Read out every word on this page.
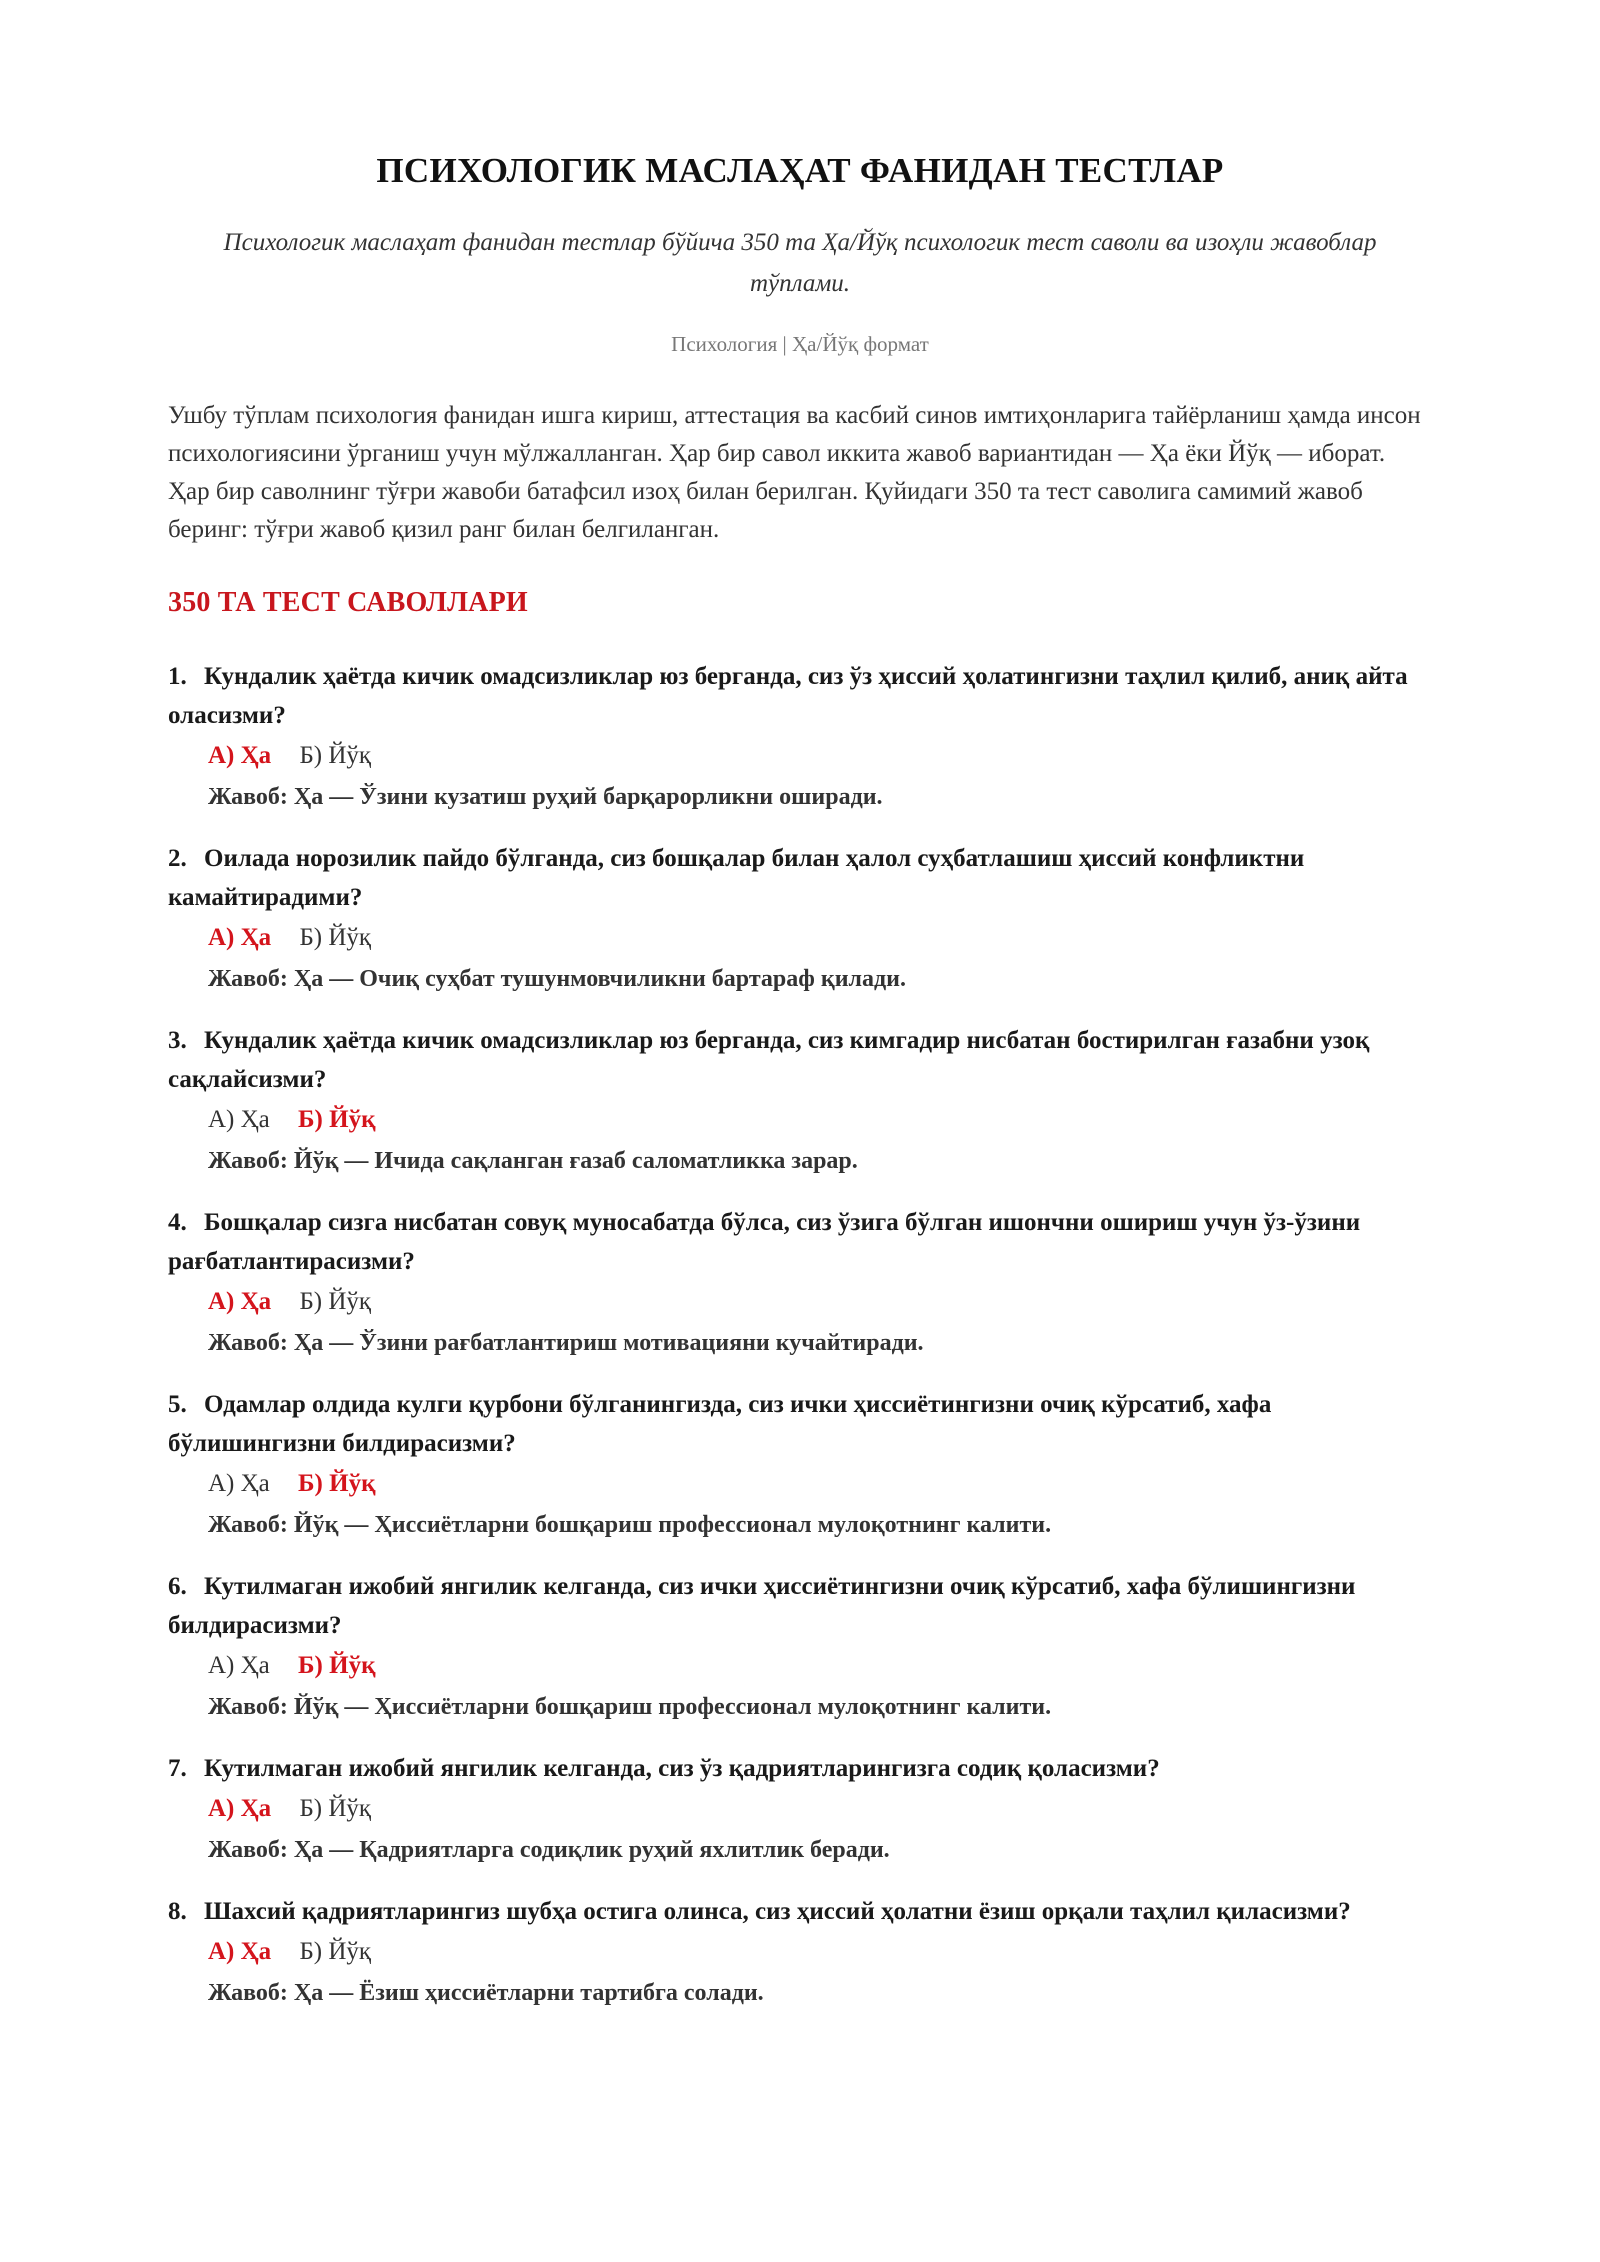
ПСИХОЛОГИК МАСЛАҲАТ ФАНИДАН ТЕСТЛАР
Психологик маслаҳат фанидан тестлар бўйича 350 та Ҳа/Йўқ психологик тест саволи ва изоҳли жавоблар тўплами.
Психология | Ҳа/Йўқ формат

Ушбу тўплам психология фанидан ишга кириш, аттестация ва касбий синов имтиҳонларига тайёрланиш ҳамда инсон психологиясини ўрганиш учун мўлжалланган. Ҳар бир савол иккита жавоб вариантидан — Ҳа ёки Йўқ — иборат. Ҳар бир саволнинг тўғри жавоби батафсил изоҳ билан берилган. Қуйидаги 350 та тест саволига самимий жавоб беринг: тўғри жавоб қизил ранг билан белгиланган.

350 ТА ТЕСТ САВОЛЛАРИ

1. Кундалик ҳаётда кичик омадсизликлар юз берганда, сиз ўз ҳиссий ҳолатингизни таҳлил қилиб, аниқ айта оласизми?

А) Ҳа Б) Йўқ
Жавоб: Ҳа — Ўзини кузатиш руҳий барқарорликни оширади.

2. Оилада норозилик пайдо бўлганда, сиз бошқалар билан ҳалол суҳбатлашиш ҳиссий конфликтни камайтирадими?

А) Ҳа Б) Йўқ
Жавоб: Ҳа — Очиқ суҳбат тушунмовчиликни бартараф қилади.

3. Кундалик ҳаётда кичик омадсизликлар юз берганда, сиз кимгадир нисбатан бостирилган ғазабни узоқ сақлайсизми?

А) Ҳа Б) Йўқ
Жавоб: Йўқ — Ичида сақланган ғазаб саломатликка зарар.

4. Бошқалар сизга нисбатан совуқ муносабатда бўлса, сиз ўзига бўлган ишончни ошириш учун ўз-ўзини рағбатлантирасизми?

А) Ҳа Б) Йўқ
Жавоб: Ҳа — Ўзини рағбатлантириш мотивацияни кучайтиради.

5. Одамлар олдида кулги қурбони бўлганингизда, сиз ички ҳиссиётингизни очиқ кўрсатиб, хафа бўлишингизни билдирасизми?

А) Ҳа Б) Йўқ
Жавоб: Йўқ — Ҳиссиётларни бошқариш профессионал мулоқотнинг калити.

6. Кутилмаган ижобий янгилик келганда, сиз ички ҳиссиётингизни очиқ кўрсатиб, хафа бўлишингизни билдирасизми?

А) Ҳа Б) Йўқ
Жавоб: Йўқ — Ҳиссиётларни бошқариш профессионал мулоқотнинг калити.

7. Кутилмаган ижобий янгилик келганда, сиз ўз қадриятларингизга содиқ қоласизми?

А) Ҳа Б) Йўқ
Жавоб: Ҳа — Қадриятларга содиқлик руҳий яхлитлик беради.

8. Шахсий қадриятларингиз шубҳа остига олинса, сиз ҳиссий ҳолатни ёзиш орқали таҳлил қиласизми?

А) Ҳа Б) Йўқ
Жавоб: Ҳа — Ёзиш ҳиссиётларни тартибга солади.
